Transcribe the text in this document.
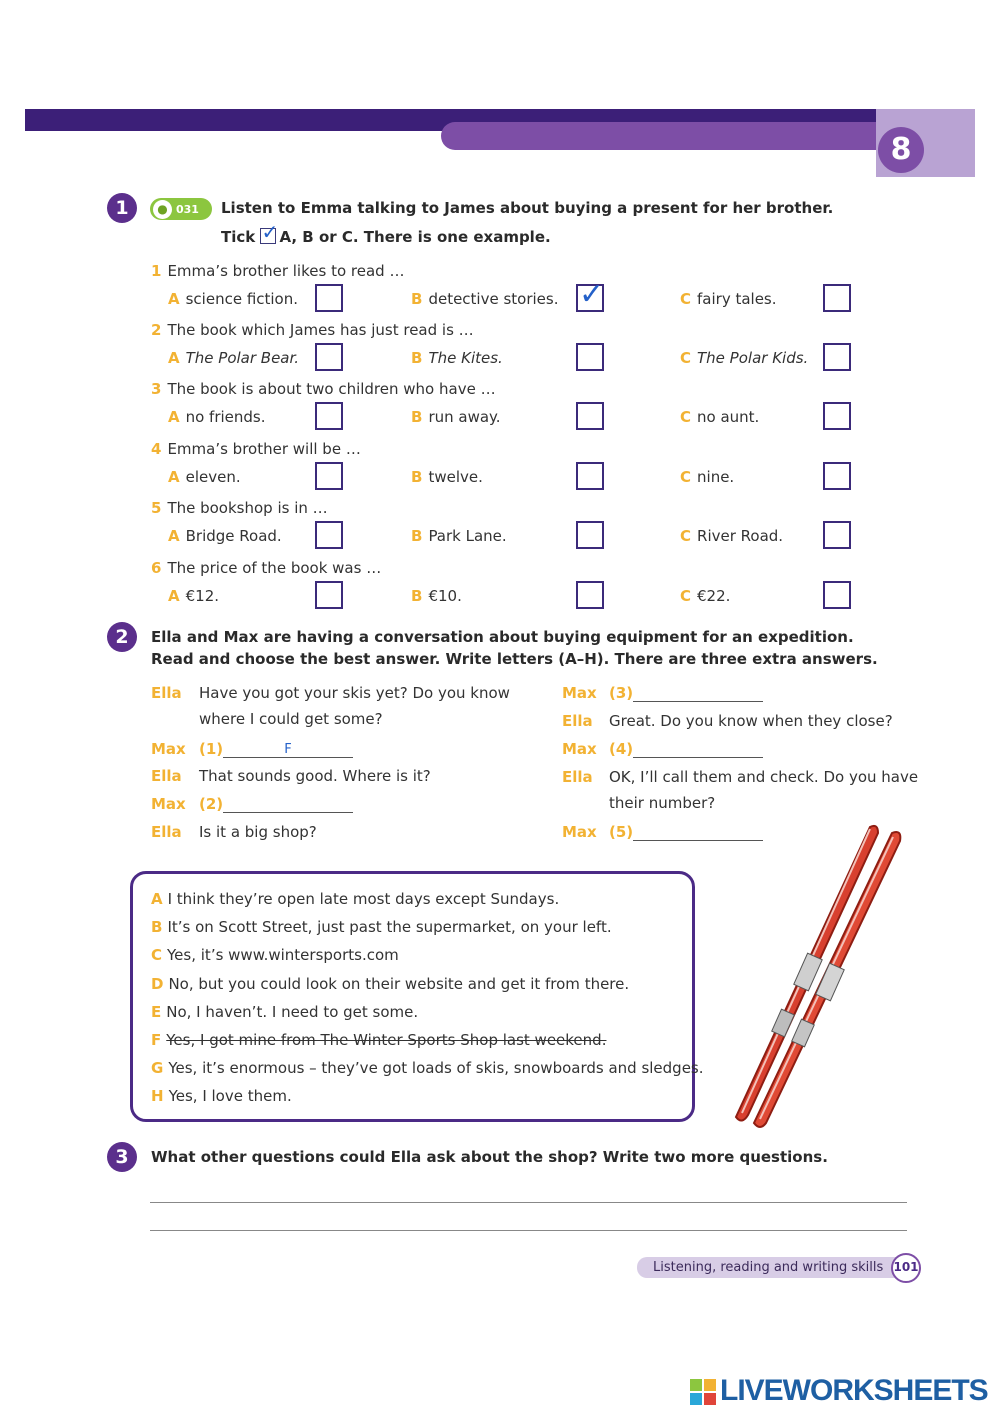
8
1	● 031	Listen to Emma talking to James about buying a present for her brother.
Tick ✓ A, B or C. There is one example.
1 Emma’s brother likes to read …
A science fiction.	B detective stories. ✓	C fairy tales.
2 The book which James has just read is …
A The Polar Bear.	B The Kites.	C The Polar Kids.
3 The book is about two children who have …
A no friends.	B run away.	C no aunt.
4 Emma’s brother will be …
A eleven.	B twelve.	C nine.
5 The bookshop is in …
A Bridge Road.	B Park Lane.	C River Road.
6 The price of the book was …
A €12.	B €10.	C €22.
2	Ella and Max are having a conversation about buying equipment for an expedition.
Read and choose the best answer. Write letters (A–H). There are three extra answers.
Ella Have you got your skis yet? Do you know
where I could get some?
Max (1)	F
Ella That sounds good. Where is it?
Max (2)
Ella Is it a big shop?
Max (3)
Ella Great. Do you know when they close?
Max (4)
Ella OK, I’ll call them and check. Do you have
their number?
Max (5)
A I think they’re open late most days except Sundays.
B It’s on Scott Street, just past the supermarket, on your left.
C Yes, it’s www.wintersports.com
D No, but you could look on their website and get it from there.
E No, I haven’t. I need to get some.
F Yes, I got mine from The Winter Sports Shop last weekend.
G Yes, it’s enormous – they’ve got loads of skis, snowboards and sledges.
H Yes, I love them.
3	What other questions could Ella ask about the shop? Write two more questions.
Listening, reading and writing skills 101
LIVEWORKSHEETS
